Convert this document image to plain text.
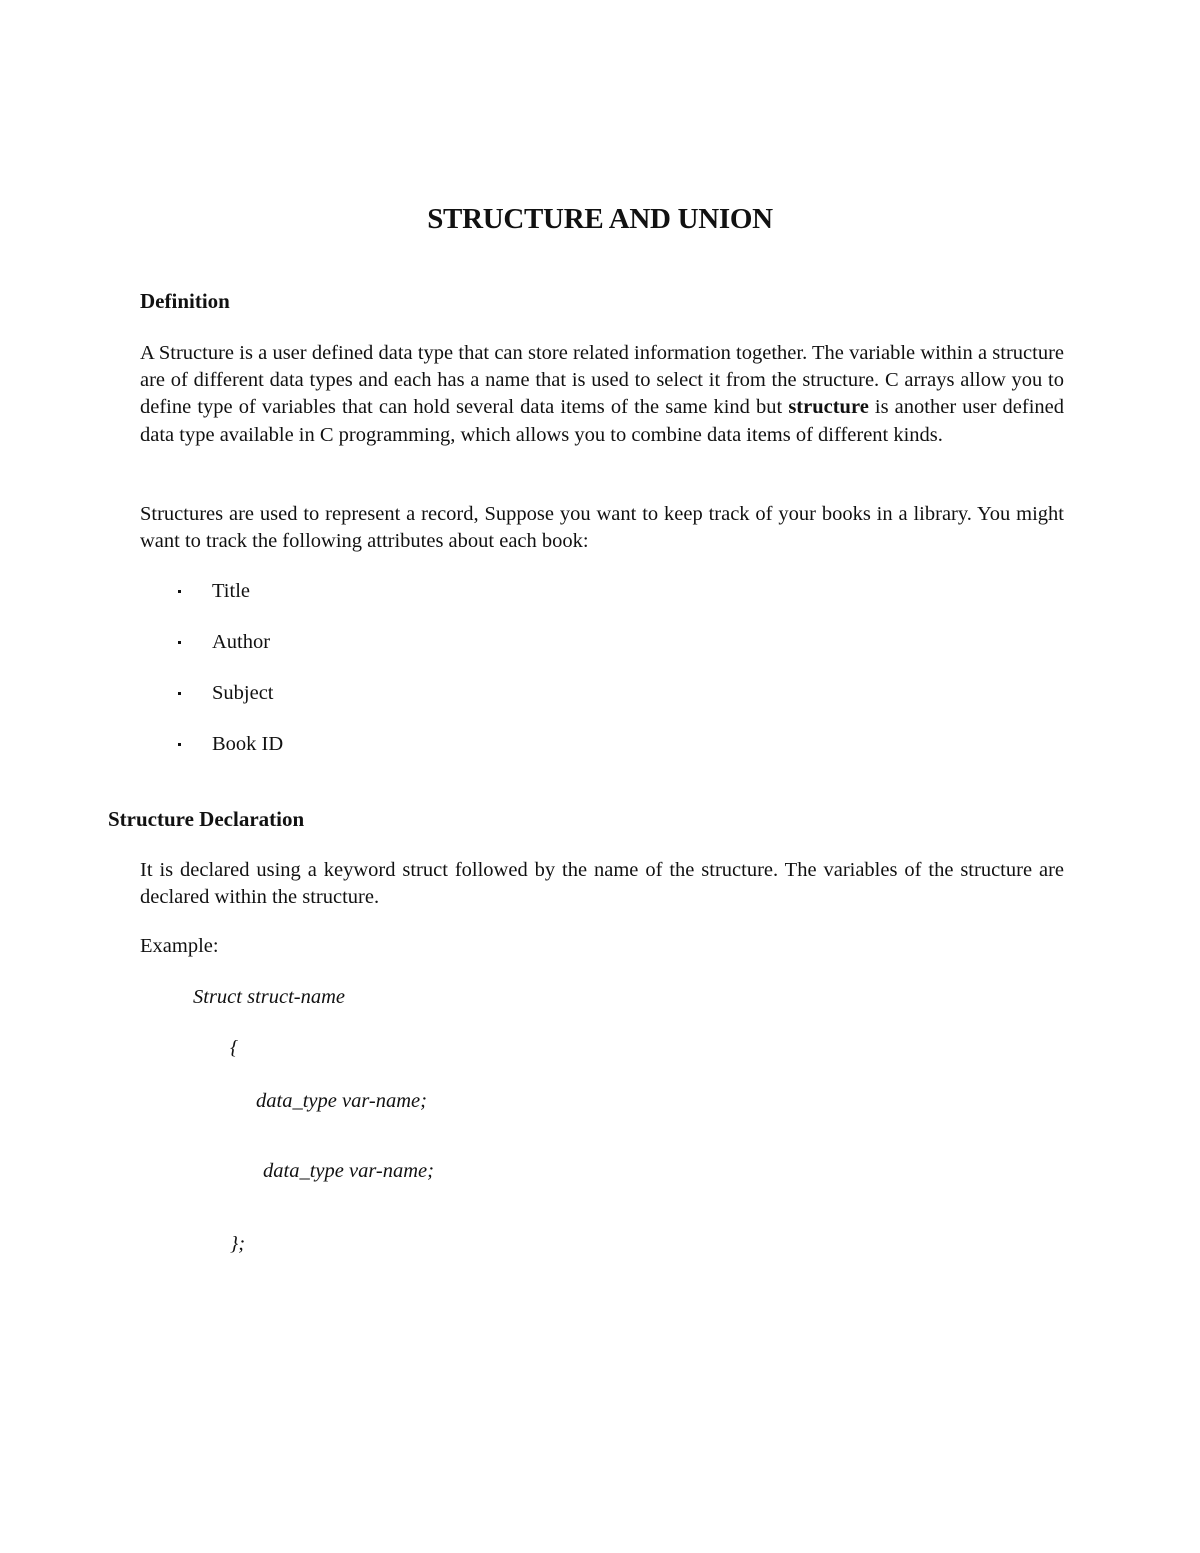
STRUCTURE AND UNION
Definition
A Structure is a user defined data type that can store related information together. The variable within a structure are of different data types and each has a name that is used to select it from the structure. C arrays allow you to define type of variables that can hold several data items of the same kind but structure is another user defined data type available in C programming, which allows you to combine data items of different kinds.
Structures are used to represent a record, Suppose you want to keep track of your books in a library. You might want to track the following attributes about each book:
Title
Author
Subject
Book ID
Structure Declaration
It is declared using a keyword struct followed by the name of the structure. The variables of the structure are declared within the structure.
Example:
Struct struct-name
{
data_type var-name;
data_type var-name;
};
